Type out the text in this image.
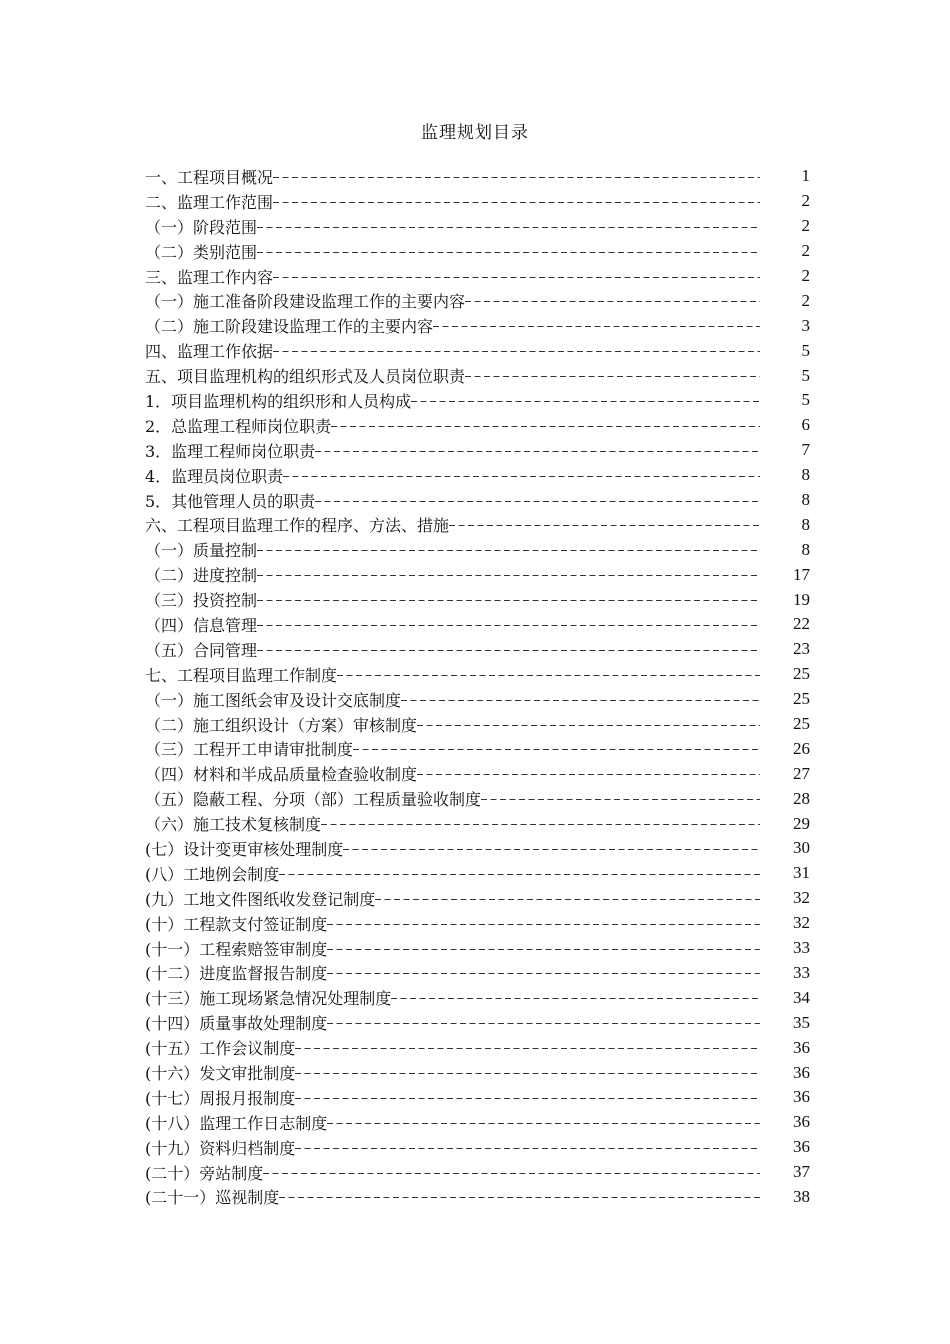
监理规划目录
一、工程项目概况	1
二、监理工作范围	2
（一）阶段范围	2
（二）类别范围	2
三、监理工作内容	2
（一）施工准备阶段建设监理工作的主要内容	2
（二）施工阶段建设监理工作的主要内容	3
四、监理工作依据	5
五、项目监理机构的组织形式及人员岗位职责	5
1．项目监理机构的组织形和人员构成	5
2．总监理工程师岗位职责	6
3．监理工程师岗位职责	7
4．监理员岗位职责	8
5．其他管理人员的职责	8
六、工程项目监理工作的程序、方法、措施	8
（一）质量控制	8
（二）进度控制	17
（三）投资控制	19
（四）信息管理	22
（五）合同管理	23
七、工程项目监理工作制度	25
（一）施工图纸会审及设计交底制度	25
（二）施工组织设计（方案）审核制度	25
（三）工程开工申请审批制度	26
（四）材料和半成品质量检查验收制度	27
（五）隐蔽工程、分项（部）工程质量验收制度	28
（六）施工技术复核制度	29
(七）设计变更审核处理制度	30
(八）工地例会制度	31
(九）工地文件图纸收发登记制度	32
(十）工程款支付签证制度	32
(十一）工程索赔签审制度	33
(十二）进度监督报告制度	33
(十三）施工现场紧急情况处理制度	34
(十四）质量事故处理制度	35
(十五）工作会议制度	36
(十六）发文审批制度	36
(十七）周报月报制度	36
(十八）监理工作日志制度	36
(十九）资料归档制度	36
(二十）旁站制度	37
(二十一）巡视制度	38
